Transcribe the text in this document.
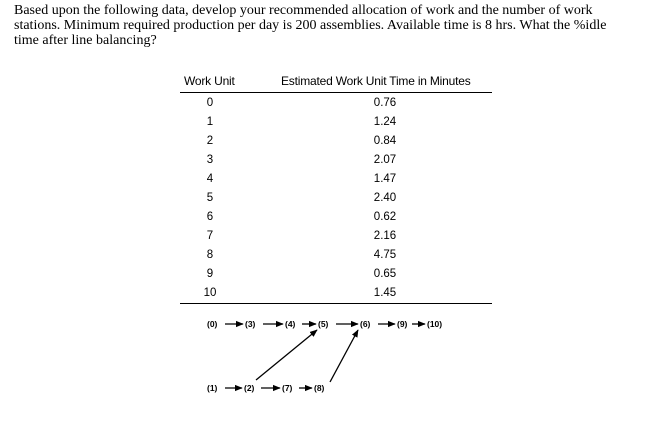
Based upon the following data, develop your recommended allocation of work and the number of work
stations. Minimum required production per day is 200 assemblies. Available time is 8 hrs. What the %idle
time after line balancing?
Work Unit	Estimated Work Unit Time in Minutes
0	0.76
1	1.24
2	0.84
3	2.07
4	1.47
5	2.40
6	0.62
7	2.16
8	4.75
9	0.65
10	1.45
(0)	(3)	(4)	(5)	(6)	(9) (10)
(1)	(2)	(7)	(8)
